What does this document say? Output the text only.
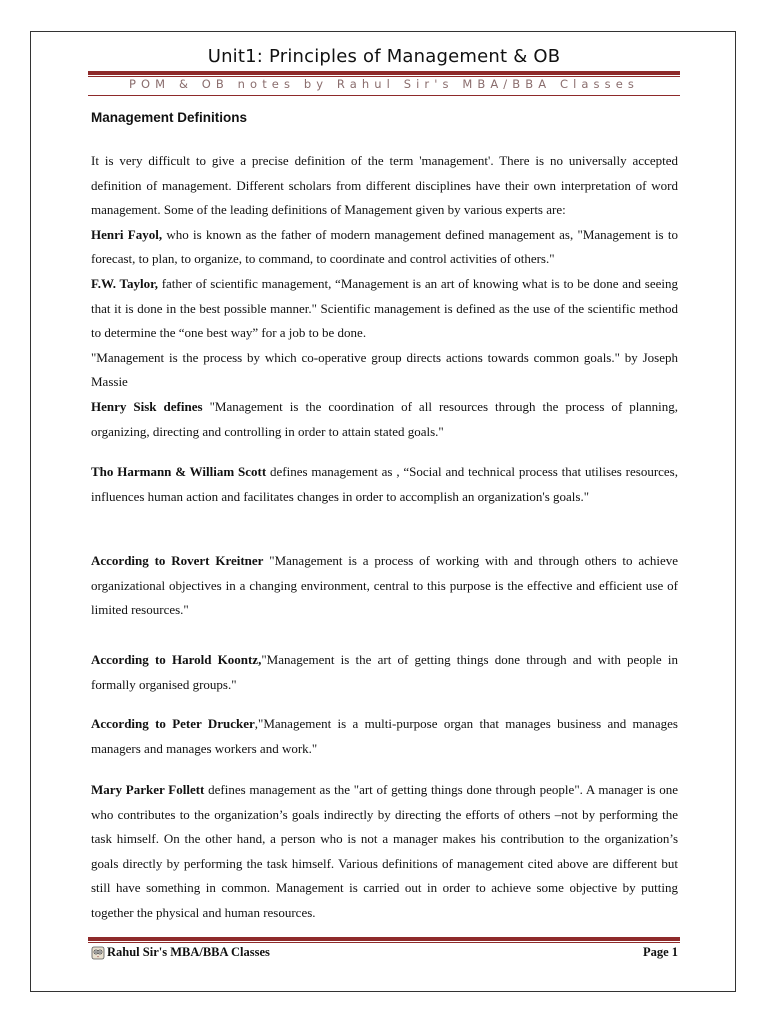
Unit1: Principles of Management & OB
POM & OB notes by Rahul Sir's MBA/BBA Classes
Management Definitions

It is very difficult to give a precise definition of the term 'management'. There is no universally accepted definition of management. Different scholars from different disciplines have their own interpretation of word management. Some of the leading definitions of Management given by various experts are:

Henri Fayol, who is known as the father of modern management defined management as, "Management is to forecast, to plan, to organize, to command, to coordinate and control activities of others."

F.W. Taylor, father of scientific management, “Management is an art of knowing what is to be done and seeing that it is done in the best possible manner." Scientific management is defined as the use of the scientific method to determine the “one best way” for a job to be done.

"Management is the process by which co-operative group directs actions towards common goals." by Joseph Massie

Henry Sisk defines "Management is the coordination of all resources through the process of planning, organizing, directing and controlling in order to attain stated goals."

Tho Harmann & William Scott defines management as , “Social and technical process that utilises resources, influences human action and facilitates changes in order to accomplish an organization's goals."

According to Rovert Kreitner "Management is a process of working with and through others to achieve organizational objectives in a changing environment, central to this purpose is the effective and efficient use of limited resources."

According to Harold Koontz,"Management is the art of getting things done through and with people in formally organised groups."

According to Peter Drucker,"Management is a multi-purpose organ that manages business and manages managers and manages workers and work."

Mary Parker Follett defines management as the "art of getting things done through people". A manager is one who contributes to the organization’s goals indirectly by directing the efforts of others –not by performing the task himself. On the other hand, a person who is not a manager makes his contribution to the organization’s goals directly by performing the task himself. Various definitions of management cited above are different but still have something in common. Management is carried out in order to achieve some objective by putting together the physical and human resources.

Rahul Sir's MBA/BBA Classes	Page 1
